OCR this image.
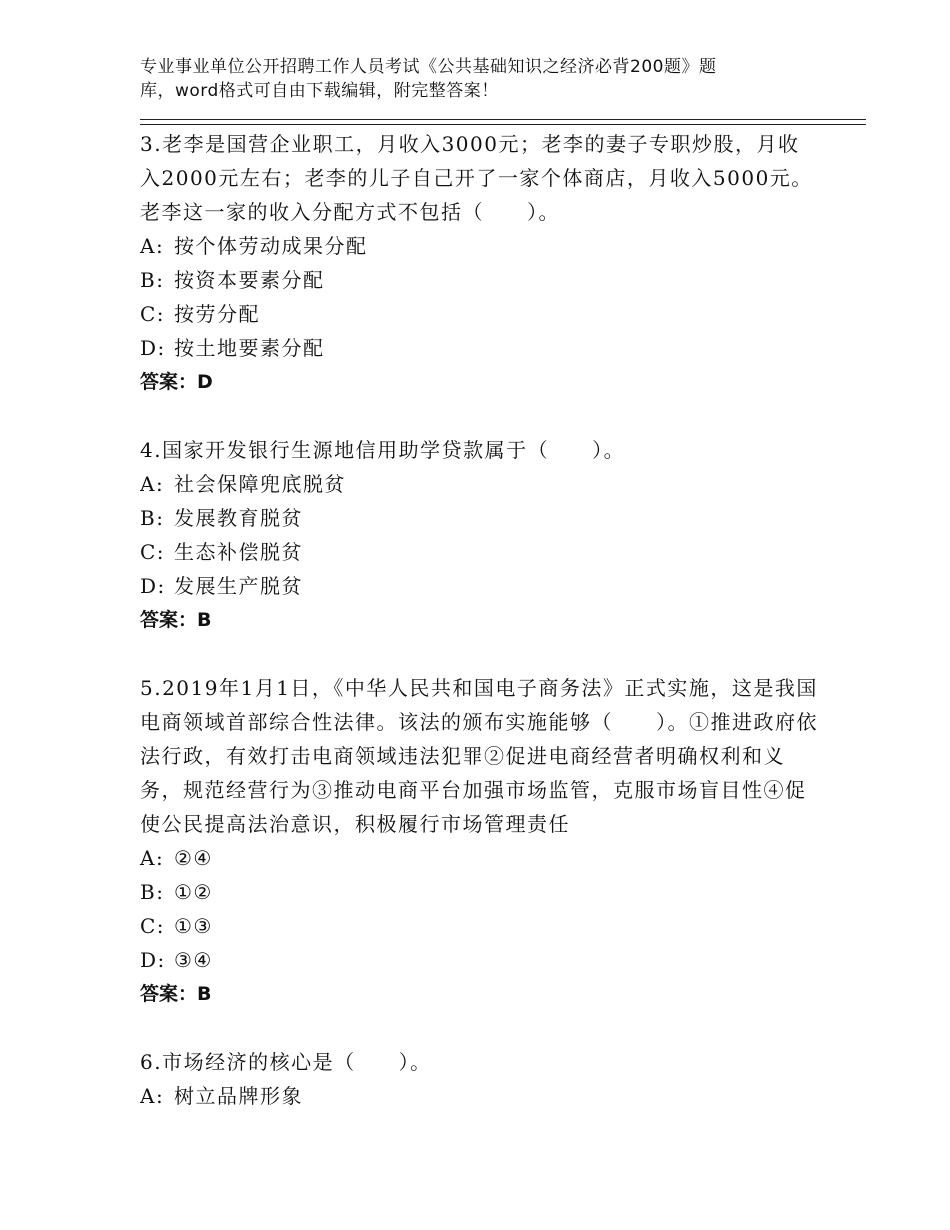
专业事业单位公开招聘工作人员考试《公共基础知识之经济必背200题》题
库，word格式可自由下载编辑，附完整答案！

3.老李是国营企业职工，月收入3000元；老李的妻子专职炒股，月收入2000元左右；老李的儿子自己开了一家个体商店，月收入5000元。老李这一家的收入分配方式不包括（　　）。

A: 按个体劳动成果分配

B: 按资本要素分配

C: 按劳分配

D: 按土地要素分配

答案：D

4.国家开发银行生源地信用助学贷款属于（　　）。

A: 社会保障兜底脱贫

B: 发展教育脱贫

C: 生态补偿脱贫

D: 发展生产脱贫

答案：B

5.2019年1月1日，《中华人民共和国电子商务法》正式实施，这是我国电商领域首部综合性法律。该法的颁布实施能够（　　）。①推进政府依法行政，有效打击电商领域违法犯罪②促进电商经营者明确权利和义务，规范经营行为③推动电商平台加强市场监管，克服市场盲目性④促使公民提高法治意识，积极履行市场管理责任

A: ②④

B: ①②

C: ①③

D: ③④

答案：B

6.市场经济的核心是（　　）。

A: 树立品牌形象
